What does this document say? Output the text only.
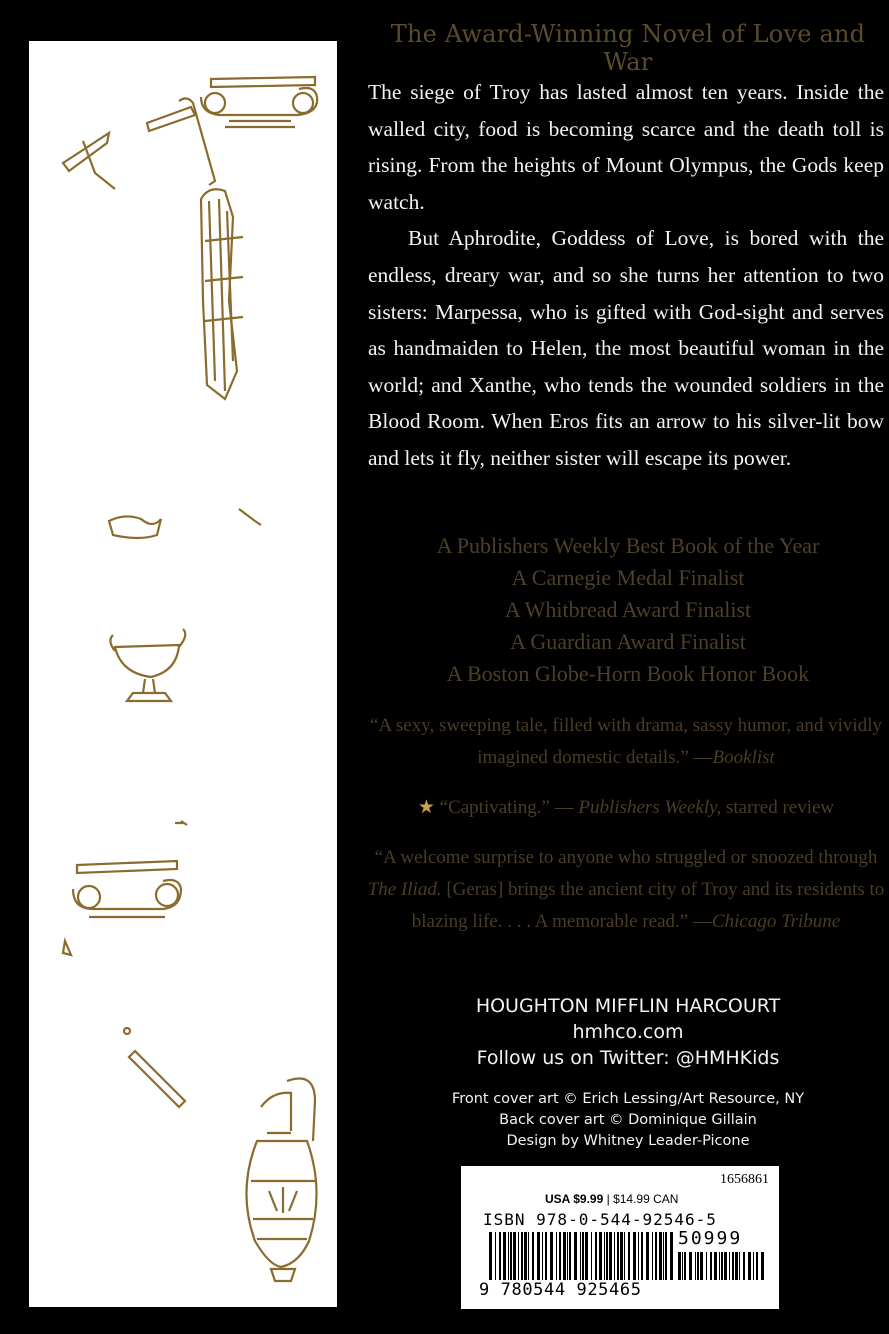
The Award-Winning Novel of Love and War

The siege of Troy has lasted almost ten years. Inside the walled city, food is becoming scarce and the death toll is rising. From the heights of Mount Olympus, the Gods keep watch.

But Aphrodite, Goddess of Love, is bored with the endless, dreary war, and so she turns her attention to two sisters: Marpessa, who is gifted with God-sight and serves as handmaiden to Helen, the most beautiful woman in the world; and Xanthe, who tends the wounded soldiers in the Blood Room. When Eros fits an arrow to his silver-lit bow and lets it fly, neither sister will escape its power.

A Publishers Weekly Best Book of the Year
A Carnegie Medal Finalist
A Whitbread Award Finalist
A Guardian Award Finalist
A Boston Globe-Horn Book Honor Book
“A sexy, sweeping tale, filled with drama, sassy humor, and vividly imagined domestic details.” —Booklist
★ “Captivating.” — Publishers Weekly, starred review
“A welcome surprise to anyone who struggled or snoozed through The Iliad. [Geras] brings the ancient city of Troy and its residents to blazing life. . . . A memorable read.” —Chicago Tribune
HOUGHTON MIFFLIN HARCOURT
hmhco.com
Follow us on Twitter: @HMHKids
Front cover art © Erich Lessing/Art Resource, NY
Back cover art © Dominique Gillain
Design by Whitney Leader-Picone
1656861
USA $9.99 | $14.99 CAN
ISBN 978-0-544-92546-5
50999
9 780544 925465
